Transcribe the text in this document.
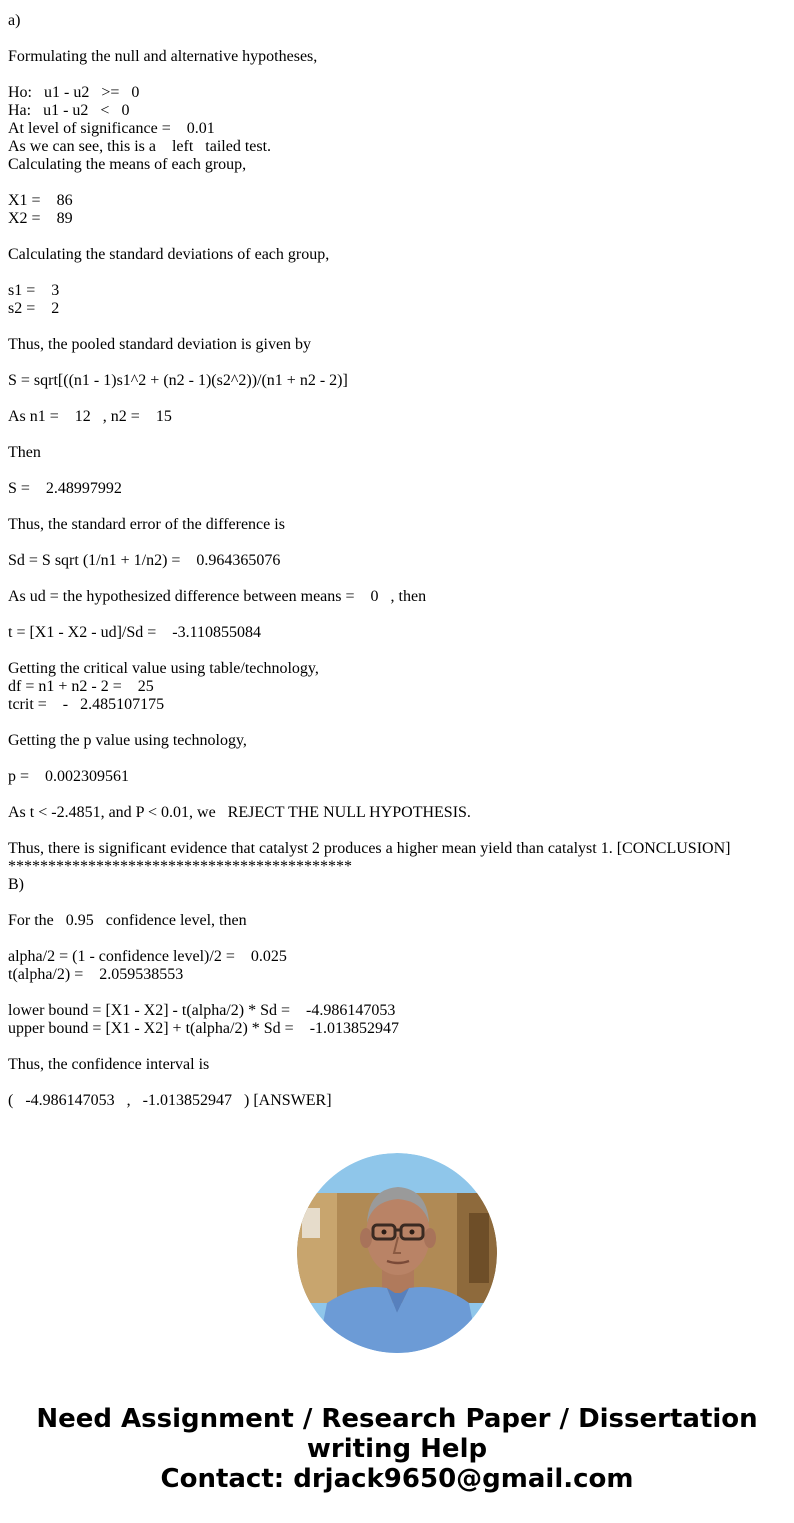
a)
Formulating the null and alternative hypotheses,
Ho:   u1 - u2   >=   0
Ha:   u1 - u2   <   0
At level of significance =    0.01
As we can see, this is a    left   tailed test.
Calculating the means of each group,
X1 =    86
X2 =    89
Calculating the standard deviations of each group,
s1 =    3
s2 =    2
Thus, the pooled standard deviation is given by
S = sqrt[((n1 - 1)s1^2 + (n2 - 1)(s2^2))/(n1 + n2 - 2)]
As n1 =    12   , n2 =    15
Then
S =    2.48997992
Thus, the standard error of the difference is
Sd = S sqrt (1/n1 + 1/n2) =    0.964365076
As ud = the hypothesized difference between means =    0   , then
t = [X1 - X2 - ud]/Sd =    -3.110855084
Getting the critical value using table/technology,
df = n1 + n2 - 2 =    25
tcrit =    -   2.485107175
Getting the p value using technology,
p =    0.002309561
As t < -2.4851, and P < 0.01, we   REJECT THE NULL HYPOTHESIS.
Thus, there is significant evidence that catalyst 2 produces a higher mean yield than catalyst 1. [CONCLUSION]
*******************************************
B)
For the   0.95   confidence level, then
alpha/2 = (1 - confidence level)/2 =    0.025
t(alpha/2) =    2.059538553
lower bound = [X1 - X2] - t(alpha/2) * Sd =    -4.986147053
upper bound = [X1 - X2] + t(alpha/2) * Sd =    -1.013852947
Thus, the confidence interval is
(   -4.986147053   ,   -1.013852947   ) [ANSWER]
Need Assignment / Research Paper / Dissertation
writing Help
Contact: drjack9650@gmail.com
